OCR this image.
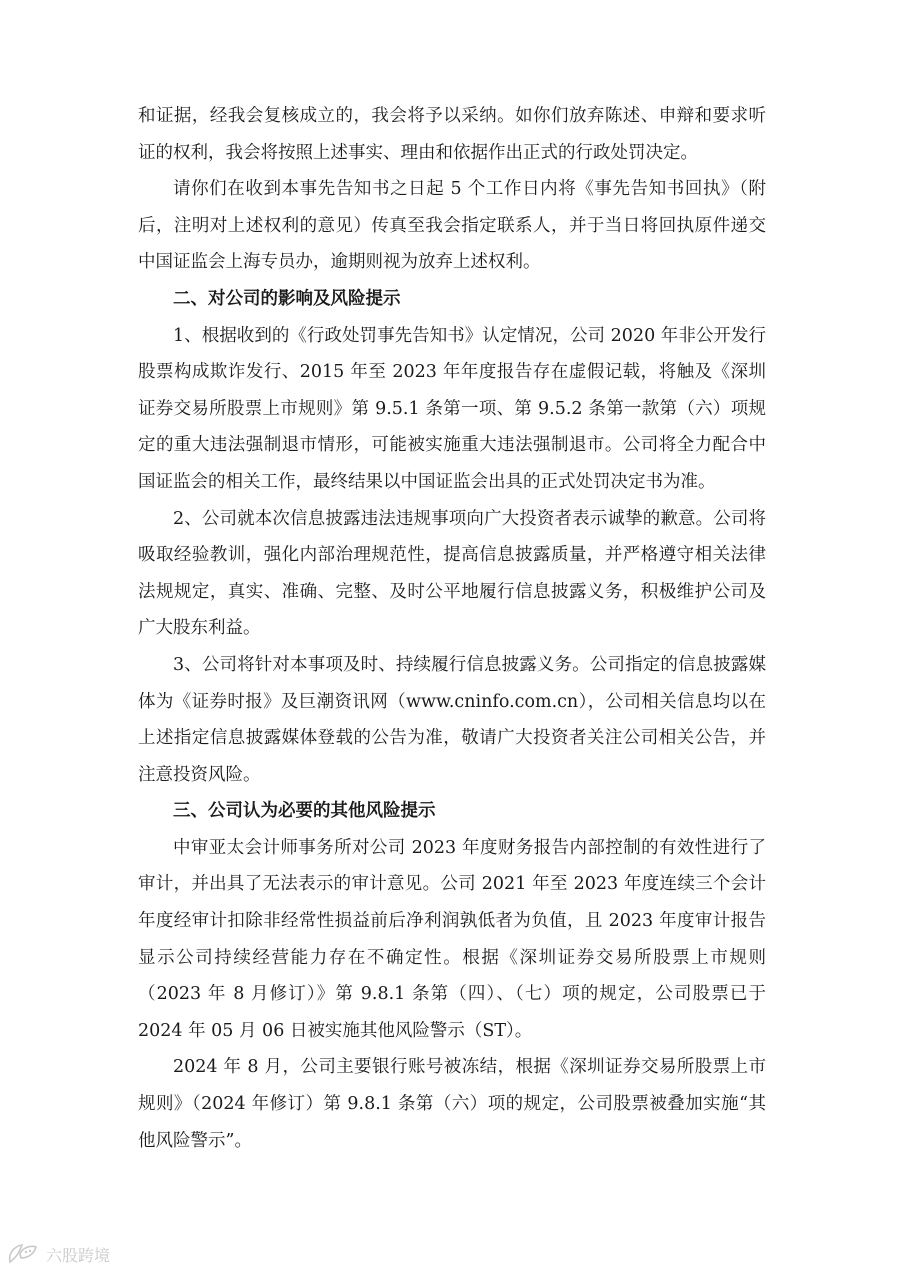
和证据，经我会复核成立的，我会将予以采纳。如你们放弃陈述、申辩和要求听证的权利，我会将按照上述事实、理由和依据作出正式的行政处罚决定。

请你们在收到本事先告知书之日起 5 个工作日内将《事先告知书回执》（附后，注明对上述权利的意见）传真至我会指定联系人，并于当日将回执原件递交中国证监会上海专员办，逾期则视为放弃上述权利。

二、对公司的影响及风险提示

1、根据收到的《行政处罚事先告知书》认定情况，公司 2020 年非公开发行股票构成欺诈发行、2015 年至 2023 年年度报告存在虚假记载，将触及《深圳证券交易所股票上市规则》第 9.5.1 条第一项、第 9.5.2 条第一款第（六）项规定的重大违法强制退市情形，可能被实施重大违法强制退市。公司将全力配合中国证监会的相关工作，最终结果以中国证监会出具的正式处罚决定书为准。

2、公司就本次信息披露违法违规事项向广大投资者表示诚挚的歉意。公司将吸取经验教训，强化内部治理规范性，提高信息披露质量，并严格遵守相关法律法规规定，真实、准确、完整、及时公平地履行信息披露义务，积极维护公司及广大股东利益。

3、公司将针对本事项及时、持续履行信息披露义务。公司指定的信息披露媒体为《证券时报》及巨潮资讯网（www.cninfo.com.cn），公司相关信息均以在上述指定信息披露媒体登载的公告为准，敬请广大投资者关注公司相关公告，并注意投资风险。

三、公司认为必要的其他风险提示

中审亚太会计师事务所对公司 2023 年度财务报告内部控制的有效性进行了审计，并出具了无法表示的审计意见。公司 2021 年至 2023 年度连续三个会计年度经审计扣除非经常性损益前后净利润孰低者为负值，且 2023 年度审计报告显示公司持续经营能力存在不确定性。根据《深圳证券交易所股票上市规则（2023 年 8 月修订）》第 9.8.1 条第（四）、（七）项的规定，公司股票已于 2024 年 05 月 06 日被实施其他风险警示（ST）。

2024 年 8 月，公司主要银行账号被冻结，根据《深圳证券交易所股票上市规则》（2024 年修订）第 9.8.1 条第（六）项的规定，公司股票被叠加实施“其他风险警示”。

六股跨境
